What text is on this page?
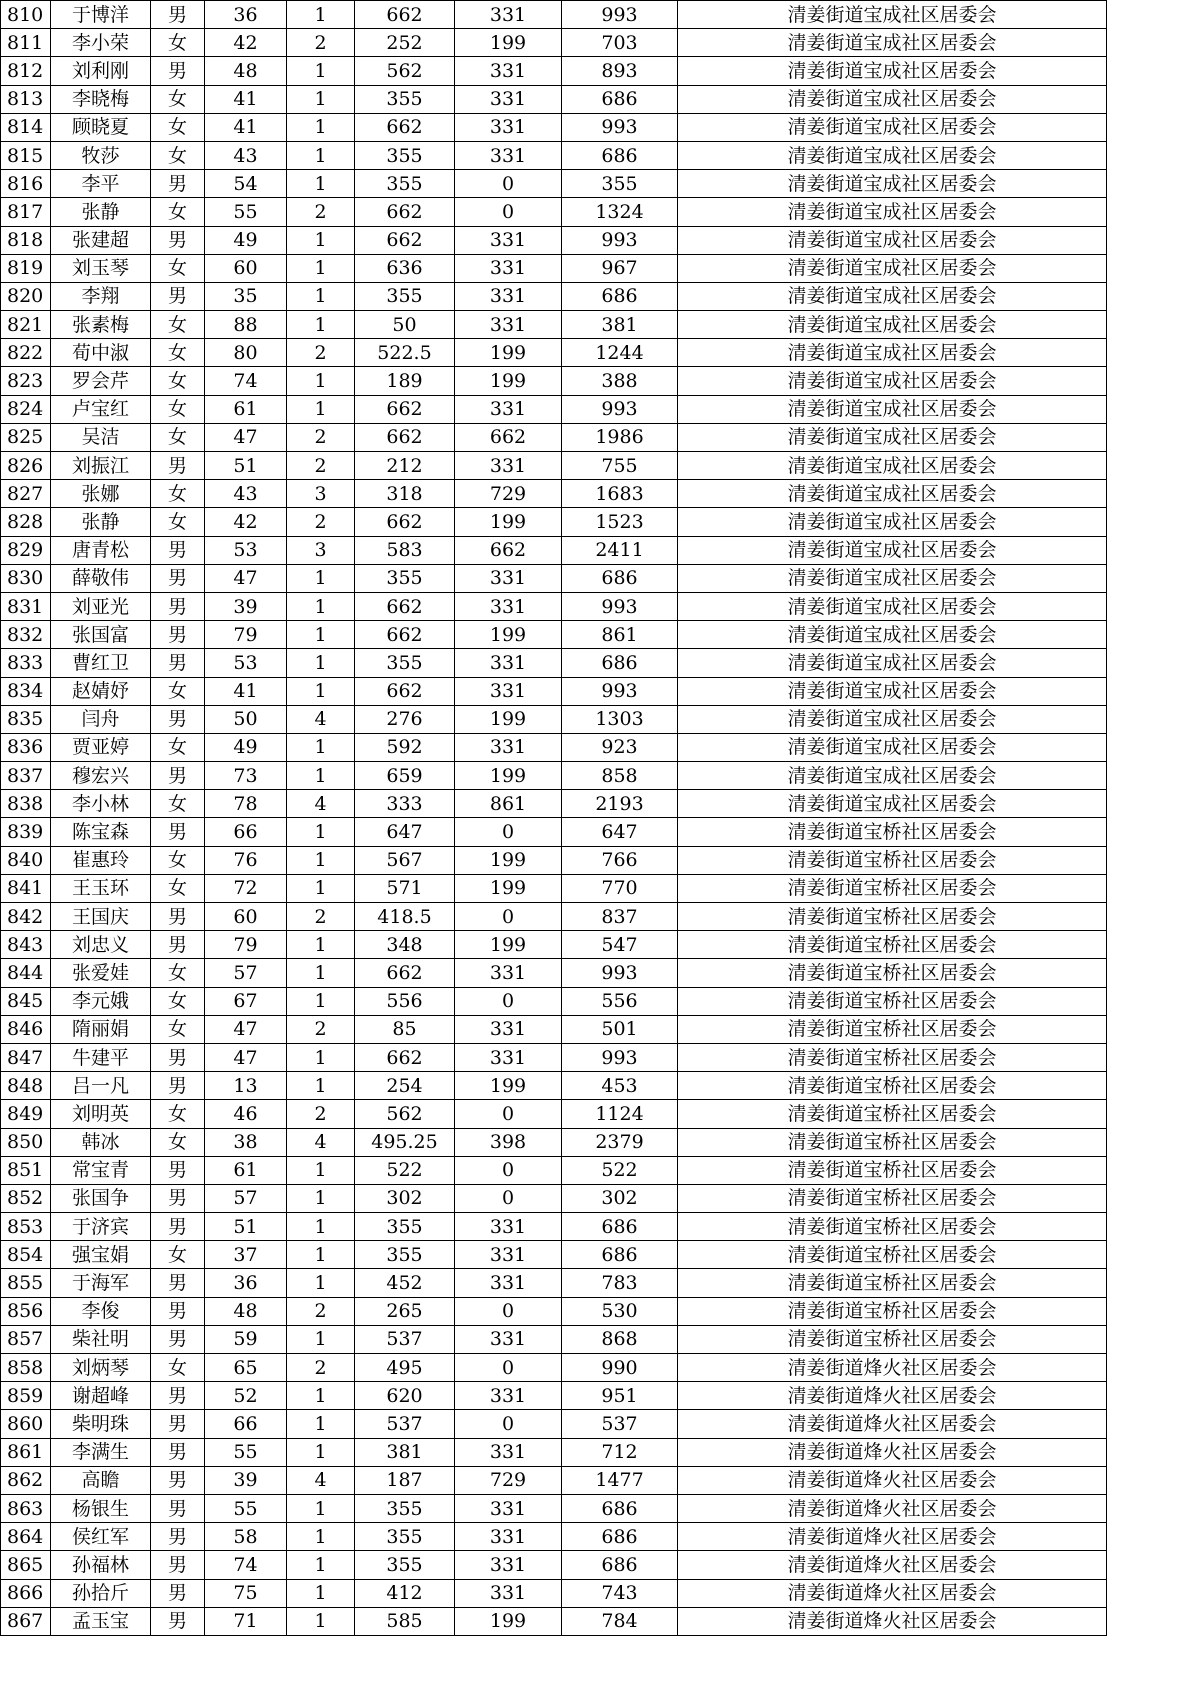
810	于博洋	男	36	1	662	331	993	清姜街道宝成社区居委会
811	李小荣	女	42	2	252	199	703	清姜街道宝成社区居委会
812	刘利刚	男	48	1	562	331	893	清姜街道宝成社区居委会
813	李晓梅	女	41	1	355	331	686	清姜街道宝成社区居委会
814	顾晓夏	女	41	1	662	331	993	清姜街道宝成社区居委会
815	牧莎	女	43	1	355	331	686	清姜街道宝成社区居委会
816	李平	男	54	1	355	0	355	清姜街道宝成社区居委会
817	张静	女	55	2	662	0	1324	清姜街道宝成社区居委会
818	张建超	男	49	1	662	331	993	清姜街道宝成社区居委会
819	刘玉琴	女	60	1	636	331	967	清姜街道宝成社区居委会
820	李翔	男	35	1	355	331	686	清姜街道宝成社区居委会
821	张素梅	女	88	1	50	331	381	清姜街道宝成社区居委会
822	荀中淑	女	80	2	522.5	199	1244	清姜街道宝成社区居委会
823	罗会芹	女	74	1	189	199	388	清姜街道宝成社区居委会
824	卢宝红	女	61	1	662	331	993	清姜街道宝成社区居委会
825	吴洁	女	47	2	662	662	1986	清姜街道宝成社区居委会
826	刘振江	男	51	2	212	331	755	清姜街道宝成社区居委会
827	张娜	女	43	3	318	729	1683	清姜街道宝成社区居委会
828	张静	女	42	2	662	199	1523	清姜街道宝成社区居委会
829	唐青松	男	53	3	583	662	2411	清姜街道宝成社区居委会
830	薛敬伟	男	47	1	355	331	686	清姜街道宝成社区居委会
831	刘亚光	男	39	1	662	331	993	清姜街道宝成社区居委会
832	张国富	男	79	1	662	199	861	清姜街道宝成社区居委会
833	曹红卫	男	53	1	355	331	686	清姜街道宝成社区居委会
834	赵婧妤	女	41	1	662	331	993	清姜街道宝成社区居委会
835	闫舟	男	50	4	276	199	1303	清姜街道宝成社区居委会
836	贾亚婷	女	49	1	592	331	923	清姜街道宝成社区居委会
837	穆宏兴	男	73	1	659	199	858	清姜街道宝成社区居委会
838	李小林	女	78	4	333	861	2193	清姜街道宝成社区居委会
839	陈宝森	男	66	1	647	0	647	清姜街道宝桥社区居委会
840	崔惠玲	女	76	1	567	199	766	清姜街道宝桥社区居委会
841	王玉环	女	72	1	571	199	770	清姜街道宝桥社区居委会
842	王国庆	男	60	2	418.5	0	837	清姜街道宝桥社区居委会
843	刘忠义	男	79	1	348	199	547	清姜街道宝桥社区居委会
844	张爱娃	女	57	1	662	331	993	清姜街道宝桥社区居委会
845	李元娥	女	67	1	556	0	556	清姜街道宝桥社区居委会
846	隋丽娟	女	47	2	85	331	501	清姜街道宝桥社区居委会
847	牛建平	男	47	1	662	331	993	清姜街道宝桥社区居委会
848	吕一凡	男	13	1	254	199	453	清姜街道宝桥社区居委会
849	刘明英	女	46	2	562	0	1124	清姜街道宝桥社区居委会
850	韩冰	女	38	4	495.25	398	2379	清姜街道宝桥社区居委会
851	常宝青	男	61	1	522	0	522	清姜街道宝桥社区居委会
852	张国争	男	57	1	302	0	302	清姜街道宝桥社区居委会
853	于济宾	男	51	1	355	331	686	清姜街道宝桥社区居委会
854	强宝娟	女	37	1	355	331	686	清姜街道宝桥社区居委会
855	于海军	男	36	1	452	331	783	清姜街道宝桥社区居委会
856	李俊	男	48	2	265	0	530	清姜街道宝桥社区居委会
857	柴社明	男	59	1	537	331	868	清姜街道宝桥社区居委会
858	刘炳琴	女	65	2	495	0	990	清姜街道烽火社区居委会
859	谢超峰	男	52	1	620	331	951	清姜街道烽火社区居委会
860	柴明珠	男	66	1	537	0	537	清姜街道烽火社区居委会
861	李满生	男	55	1	381	331	712	清姜街道烽火社区居委会
862	高瞻	男	39	4	187	729	1477	清姜街道烽火社区居委会
863	杨银生	男	55	1	355	331	686	清姜街道烽火社区居委会
864	侯红军	男	58	1	355	331	686	清姜街道烽火社区居委会
865	孙福林	男	74	1	355	331	686	清姜街道烽火社区居委会
866	孙拾斤	男	75	1	412	331	743	清姜街道烽火社区居委会
867	孟玉宝	男	71	1	585	199	784	清姜街道烽火社区居委会
